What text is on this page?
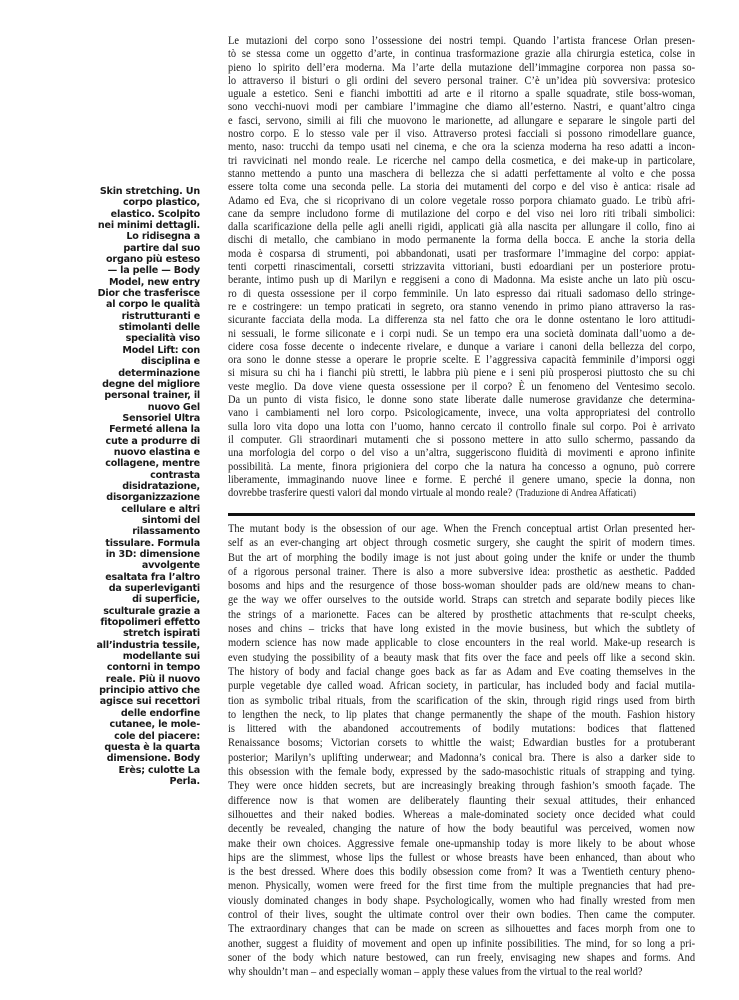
Skin stretching. Un
corpo plastico,
elastico. Scolpito
nei minimi dettagli.
Lo ridisegna a
partire dal suo
organo più esteso
— la pelle — Body
Model, new entry
Dior che trasferisce
al corpo le qualità
ristrutturanti e
stimolanti delle
specialità viso
Model Lift: con
disciplina e
determinazione
degne del migliore
personal trainer, il
nuovo Gel
Sensoriel Ultra
Fermeté allena la
cute a produrre di
nuovo elastina e
collagene, mentre
contrasta
disidratazione,
disorganizzazione
cellulare e altri
sintomi del
rilassamento
tissulare. Formula
in 3D: dimensione
avvolgente
esaltata fra l’altro
da superleviganti
di superficie,
sculturale grazie a
fitopolimeri effetto
stretch ispirati
all’industria tessile,
modellante sui
contorni in tempo
reale. Più il nuovo
principio attivo che
agisce sui recettori
delle endorfine
cutanee, le mole-
cole del piacere:
questa è la quarta
dimensione. Body
Erès; culotte La
Perla.
Le mutazioni del corpo sono l’ossessione dei nostri tempi. Quando l’artista francese Orlan presen-
tò se stessa come un oggetto d’arte, in continua trasformazione grazie alla chirurgia estetica, colse in
pieno lo spirito dell’era moderna. Ma l’arte della mutazione dell’immagine corporea non passa so-
lo attraverso il bisturi o gli ordini del severo personal trainer. C’è un’idea più sovversiva: protesico
uguale a estetico. Seni e fianchi imbottiti ad arte e il ritorno a spalle squadrate, stile boss-woman,
sono vecchi-nuovi modi per cambiare l’immagine che diamo all’esterno. Nastri, e quant’altro cinga
e fasci, servono, simili ai fili che muovono le marionette, ad allungare e separare le singole parti del
nostro corpo. E lo stesso vale per il viso. Attraverso protesi facciali si possono rimodellare guance,
mento, naso: trucchi da tempo usati nel cinema, e che ora la scienza moderna ha reso adatti a incon-
tri ravvicinati nel mondo reale. Le ricerche nel campo della cosmetica, e dei make-up in particolare,
stanno mettendo a punto una maschera di bellezza che si adatti perfettamente al volto e che possa
essere tolta come una seconda pelle. La storia dei mutamenti del corpo e del viso è antica: risale ad
Adamo ed Eva, che si ricoprivano di un colore vegetale rosso porpora chiamato guado. Le tribù afri-
cane da sempre includono forme di mutilazione del corpo e del viso nei loro riti tribali simbolici:
dalla scarificazione della pelle agli anelli rigidi, applicati già alla nascita per allungare il collo, fino ai
dischi di metallo, che cambiano in modo permanente la forma della bocca. E anche la storia della
moda è cosparsa di strumenti, poi abbandonati, usati per trasformare l’immagine del corpo: appiat-
tenti corpetti rinascimentali, corsetti strizzavita vittoriani, busti edoardiani per un posteriore protu-
berante, intimo push up di Marilyn e reggiseni a cono di Madonna. Ma esiste anche un lato più oscu-
ro di questa ossessione per il corpo femminile. Un lato espresso dai rituali sadomaso dello stringe-
re e costringere: un tempo praticati in segreto, ora stanno venendo in primo piano attraverso la ras-
sicurante facciata della moda. La differenza sta nel fatto che ora le donne ostentano le loro attitudi-
ni sessuali, le forme siliconate e i corpi nudi. Se un tempo era una società dominata dall’uomo a de-
cidere cosa fosse decente o indecente rivelare, e dunque a variare i canoni della bellezza del corpo,
ora sono le donne stesse a operare le proprie scelte. E l’aggressiva capacità femminile d’imporsi oggi
si misura su chi ha i fianchi più stretti, le labbra più piene e i seni più prosperosi piuttosto che su chi
veste meglio. Da dove viene questa ossessione per il corpo? È un fenomeno del Ventesimo secolo.
Da un punto di vista fisico, le donne sono state liberate dalle numerose gravidanze che determina-
vano i cambiamenti nel loro corpo. Psicologicamente, invece, una volta appropriatesi del controllo
sulla loro vita dopo una lotta con l’uomo, hanno cercato il controllo finale sul corpo. Poi è arrivato
il computer. Gli straordinari mutamenti che si possono mettere in atto sullo schermo, passando da
una morfologia del corpo o del viso a un’altra, suggeriscono fluidità di movimenti e aprono infinite
possibilità. La mente, finora prigioniera del corpo che la natura ha concesso a ognuno, può correre
liberamente, immaginando nuove linee e forme. E perché il genere umano, specie la donna, non
dovrebbe trasferire questi valori dal mondo virtuale al mondo reale? (Traduzione di Andrea Affaticati)
The mutant body is the obsession of our age. When the French conceptual artist Orlan presented her-
self as an ever-changing art object through cosmetic surgery, she caught the spirit of modern times.
But the art of morphing the bodily image is not just about going under the knife or under the thumb
of a rigorous personal trainer. There is also a more subversive idea: prosthetic as aesthetic. Padded
bosoms and hips and the resurgence of those boss-woman shoulder pads are old/new means to chan-
ge the way we offer ourselves to the outside world. Straps can stretch and separate bodily pieces like
the strings of a marionette. Faces can be altered by prosthetic attachments that re-sculpt cheeks,
noses and chins – tricks that have long existed in the movie business, but which the subtlety of
modern science has now made applicable to close encounters in the real world. Make-up research is
even studying the possibility of a beauty mask that fits over the face and peels off like a second skin.
The history of body and facial change goes back as far as Adam and Eve coating themselves in the
purple vegetable dye called woad. African society, in particular, has included body and facial mutila-
tion as symbolic tribal rituals, from the scarification of the skin, through rigid rings used from birth
to lengthen the neck, to lip plates that change permanently the shape of the mouth. Fashion history
is littered with the abandoned accoutrements of bodily mutations: bodices that flattened
Renaissance bosoms; Victorian corsets to whittle the waist; Edwardian bustles for a protuberant
posterior; Marilyn’s uplifting underwear; and Madonna’s conical bra. There is also a darker side to
this obsession with the female body, expressed by the sado-masochistic rituals of strapping and tying.
They were once hidden secrets, but are increasingly breaking through fashion’s smooth façade. The
difference now is that women are deliberately flaunting their sexual attitudes, their enhanced
silhouettes and their naked bodies. Whereas a male-dominated society once decided what could
decently be revealed, changing the nature of how the body beautiful was perceived, women now
make their own choices. Aggressive female one-upmanship today is more likely to be about whose
hips are the slimmest, whose lips the fullest or whose breasts have been enhanced, than about who
is the best dressed. Where does this bodily obsession come from? It was a Twentieth century pheno-
menon. Physically, women were freed for the first time from the multiple pregnancies that had pre-
viously dominated changes in body shape. Psychologically, women who had finally wrested from men
control of their lives, sought the ultimate control over their own bodies. Then came the computer.
The extraordinary changes that can be made on screen as silhouettes and faces morph from one to
another, suggest a fluidity of movement and open up infinite possibilities. The mind, for so long a pri-
soner of the body which nature bestowed, can run freely, envisaging new shapes and forms. And
why shouldn’t man – and especially woman – apply these values from the virtual to the real world?
